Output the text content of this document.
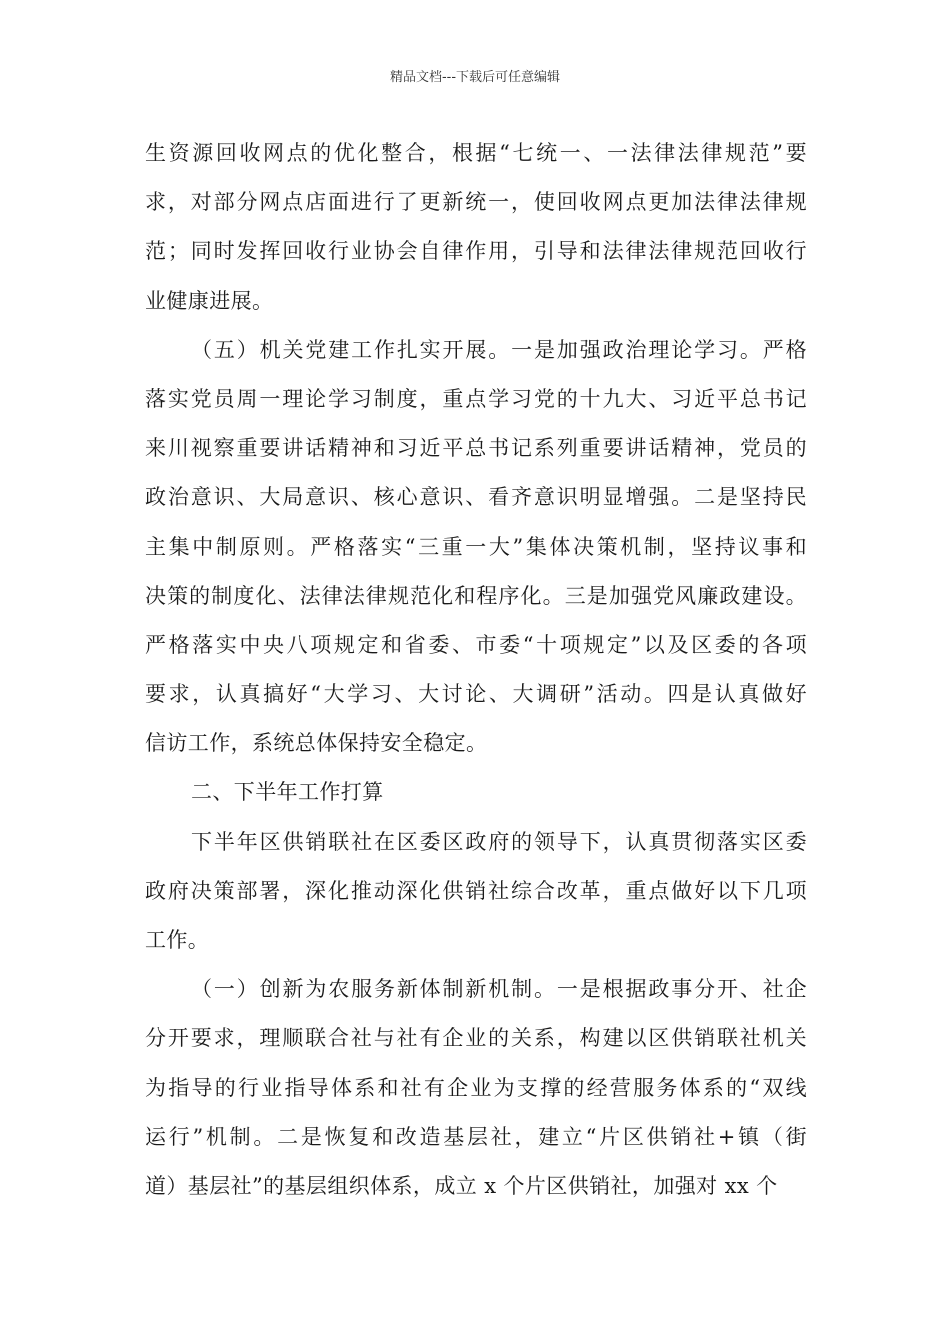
精品文档---下载后可任意编辑
生资源回收网点的优化整合，根据“七统一、一法律法律规范”要
求，对部分网点店面进行了更新统一，使回收网点更加法律法律规
范；同时发挥回收行业协会自律作用，引导和法律法律规范回收行
业健康进展。
（五）机关党建工作扎实开展。一是加强政治理论学习。严格
落实党员周一理论学习制度，重点学习党的十九大、习近平总书记
来川视察重要讲话精神和习近平总书记系列重要讲话精神，党员的
政治意识、大局意识、核心意识、看齐意识明显增强。二是坚持民
主集中制原则。严格落实“三重一大”集体决策机制，坚持议事和
决策的制度化、法律法律规范化和程序化。三是加强党风廉政建设。
严格落实中央八项规定和省委、市委“十项规定”以及区委的各项
要求，认真搞好“大学习、大讨论、大调研”活动。四是认真做好
信访工作，系统总体保持安全稳定。
二、下半年工作打算
下半年区供销联社在区委区政府的领导下，认真贯彻落实区委
政府决策部署，深化推动深化供销社综合改革，重点做好以下几项
工作。
（一）创新为农服务新体制新机制。一是根据政事分开、社企
分开要求，理顺联合社与社有企业的关系，构建以区供销联社机关
为指导的行业指导体系和社有企业为支撑的经营服务体系的“双线
运行”机制。二是恢复和改造基层社，建立“片区供销社+镇（街
道）基层社”的基层组织体系，成立 x 个片区供销社，加强对 xx 个
